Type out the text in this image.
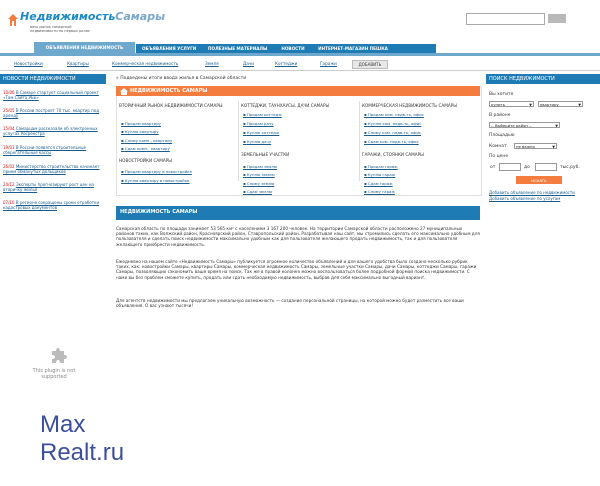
НедвижимостьСамары
весь рынок самарской недвижимости на первых ролях
ОБЪЯВЛЕНИЯ НЕДВИЖИМОСТЬ	ОБЪЯВЛЕНИЯ УСЛУГИ	ПОЛЕЗНЫЕ МАТЕРИАЛЫ	НОВОСТИ	ИНТЕРНЕТ-МАГАЗИН ПЕШКА
Новостройки	Квартиры	Коммерческая недвижимость	Земля	Дачи	Коттеджи	Гаражи	ДОБАВИТЬ
НОВОСТИ НЕДВИЖИМОСТИ
10/06 В Самаре стартует социальный проект «Там Сайта РЕБ»
25/05 В России построят 70 тыс. квартир под аренду
15/04 Самарцам рассказали об электронных услугах Росреестра
19/03 В России появятся строительные сберегательные кассы
26/02 Министерство строительства начинает прием обманутых дольщиков
24/12 Эксперты прогнозируют рост цен на вторичку жилья
07/10 В регионе сокращены сроки отработки кадастровых документов
This plugin is not supported
» Подведены итоги ввода жилья в Самарской области
НЕДВИЖИМОСТЬ САМАРЫ
ВТОРИЧНЫЙ РЫНОК НЕДВИЖИМОСТИ САМАРЫ
▪ Продам квартиру
▪ Куплю квартиру
▪ Сниму комн., квартиру
▪ Сдам комн., квартиру
НОВОСТРОЙКИ САМАРЫ
▪ Продам квартиру в новостройке
▪ Куплю квартиру в новостройке
КОТТЕДЖИ, ТАУНХАУСЫ, ДАЧИ САМАРЫ
▪ Продам коттедж
▪ Продам дачу
▪ Куплю коттедж
▪ Куплю дачу
ЗЕМЕЛЬНЫЕ УЧАСТКИ
▪ Продам землю
▪ Куплю землю
▪ Сниму землю
▪ Сдам землю
КОММЕРЧЕСКАЯ НЕДВИЖИМОСТЬ САМАРЫ
▪ Продам ком. недв-ть, офис
▪ Куплю ком. недв-ть, офис
▪ Сниму ком. недв-ть, офис
▪ Сдам ком. недв-ть, офис
ГАРАЖИ, СТОЯНКИ САМАРЫ
▪ Продам гараж
▪ Куплю гараж
▪ Сдам гараж
▪ Сниму гараж
НЕДВИЖИМОСТЬ САМАРЫ
Самарская область по площади занимает 53 565 км² с населением 3 167 200 человек. На территории Самарской области расположено 27 муниципальных районов таких, как Волжский район, Красноярский район, Ставропольский район. Разрабатывая наш сайт, мы стремились сделать его максимально удобным для пользователя и сделать поиск недвижимости максимально удобным как для пользователя желающего продать недвижимость, так и для пользователя желающего приобрести недвижимость.
Ежедневно на нашем сайте «Недвижимость Самары» публикуется огромное количество объявлений и для вашего удобства было создано несколько рубрик таких, как: новостройки Самары, квартиры Самары, коммерческая недвижимость Самары, земельные участки Самары, дачи Самары, коттеджи Самары, гаражи Самары, позволяющих сэкономить ваше время на поиск. Так же в правой колонке можно воспользоваться более подробной формой поиска недвижимости. С нами вы без проблем сможете купить, продать или сдать необходимую недвижимость, выбрав для себя максимально выгодный вариант.
Для агентств недвижимости мы предлагаем уникальную возможность — создание персональной страницы, на которой можно будет разместить все ваши объявления. О вас узнают тысячи!
ПОИСК НЕДВИЖИМОСТИ
Вы хотите
купить	▼	квартиру	▼
В районе
-- Выберите район --	▼
Площадью
Комнат	не важно	▼
По цене
от	до	тыс.руб.
ИСКАТЬ
Добавить объявление по недвижимости
Добавить объявление по услугам
Max
Realt.ru
